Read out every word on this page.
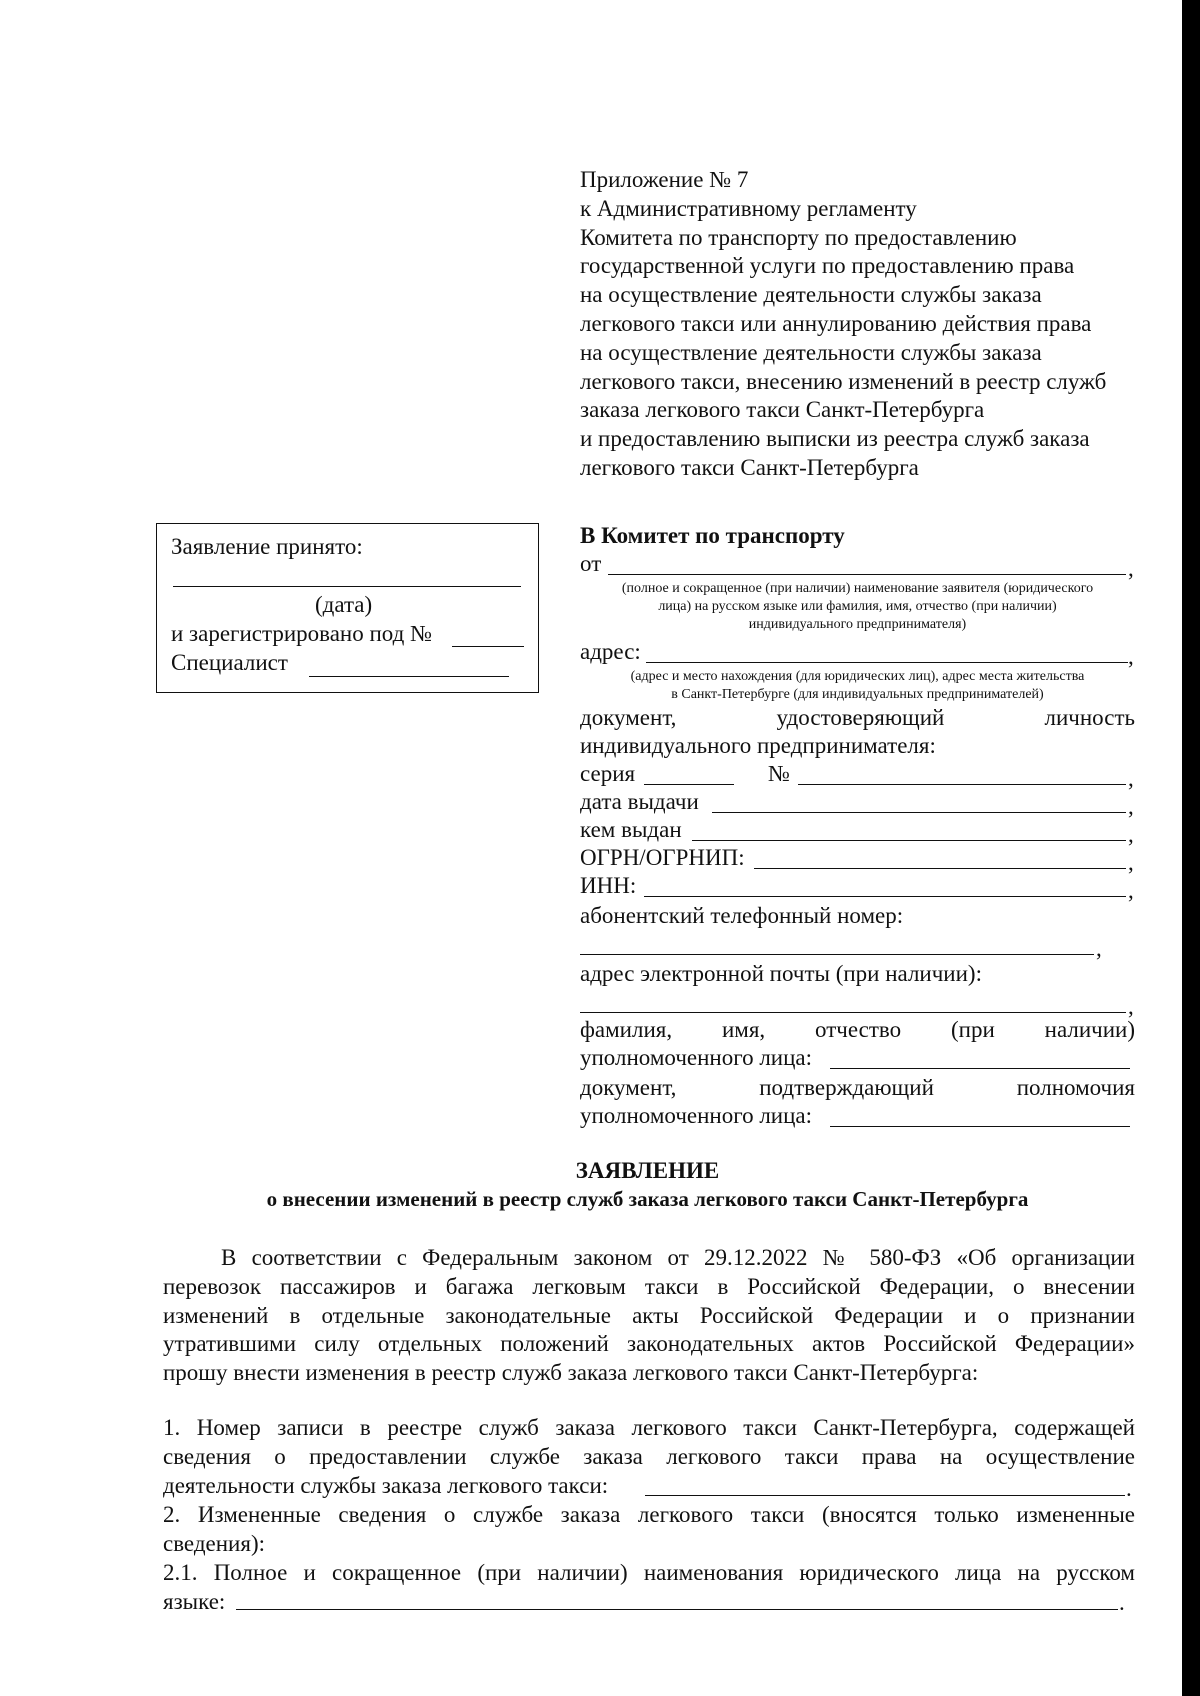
Приложение № 7
к Административному регламенту
Комитета по транспорту по предоставлению
государственной услуги по предоставлению права
на осуществление деятельности службы заказа
легкового такси или аннулированию действия права
на осуществление деятельности службы заказа
легкового такси, внесению изменений в реестр служб
заказа легкового такси Санкт-Петербурга
и предоставлению выписки из реестра служб заказа
легкового такси Санкт-Петербурга
Заявление принято:
(дата)
и зарегистрировано под №
Специалист
В Комитет по транспорту
от	,
(полное и сокращенное (при наличии) наименование заявителя (юридического
лица) на русском языке или фамилия, имя, отчество (при наличии)
индивидуального предпринимателя)
адрес:	,
(адрес и место нахождения (для юридических лиц), адрес места жительства
в Санкт-Петербурге (для индивидуальных предпринимателей)
документ,	удостоверяющий	личность
индивидуального предпринимателя:
серия	№	,
дата выдачи	,
кем выдан	,
ОГРН/ОГРНИП:	,
ИНН:	,
абонентский телефонный номер:
,
адрес электронной почты (при наличии):
,
фамилия, имя, отчество (при наличии)
уполномоченного лица:
документ,	подтверждающий	полномочия
уполномоченного лица:
ЗАЯВЛЕНИЕ
о внесении изменений в реестр служб заказа легкового такси Санкт-Петербурга
В соответствии с Федеральным законом от 29.12.2022 № 580-ФЗ «Об организации
перевозок пассажиров и багажа легковым такси в Российской Федерации, о внесении
изменений в отдельные законодательные акты Российской Федерации и о признании
утратившими силу отдельных положений законодательных актов Российской Федерации»
прошу внести изменения в реестр служб заказа легкового такси Санкт-Петербурга:
1. Номер записи в реестре служб заказа легкового такси Санкт-Петербурга, содержащей
сведения о предоставлении службе заказа легкового такси права на осуществление
деятельности службы заказа легкового такси:	.
2. Измененные сведения о службе заказа легкового такси (вносятся только измененные
сведения):
2.1. Полное и сокращенное (при наличии) наименования юридического лица на русском
языке:	.
